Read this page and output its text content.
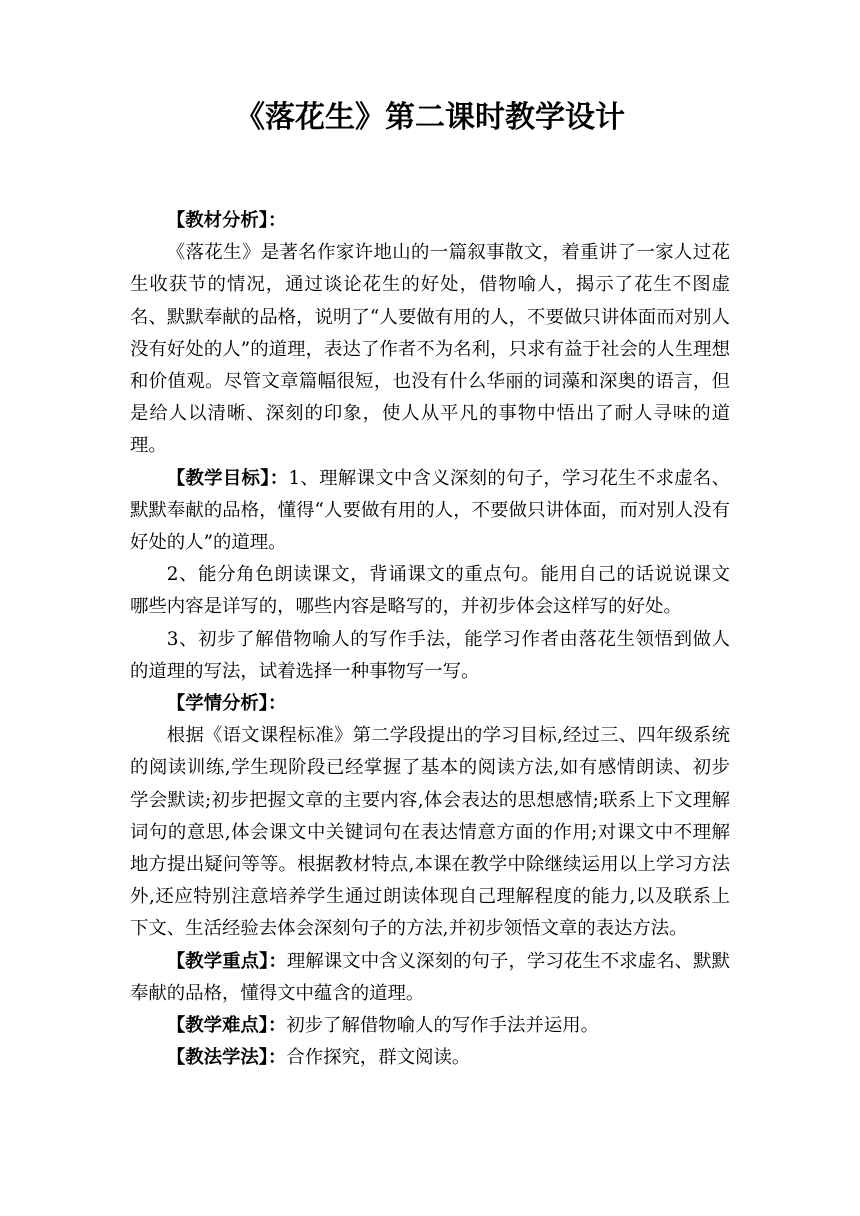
《落花生》第二课时教学设计

【教材分析】：

《落花生》是著名作家许地山的一篇叙事散文，着重讲了一家人过花生收获节的情况，通过谈论花生的好处，借物喻人，揭示了花生不图虚名、默默奉献的品格，说明了“人要做有用的人，不要做只讲体面而对别人没有好处的人”的道理，表达了作者不为名利，只求有益于社会的人生理想和价值观。尽管文章篇幅很短，也没有什么华丽的词藻和深奥的语言，但是给人以清晰、深刻的印象，使人从平凡的事物中悟出了耐人寻味的道理。

【教学目标】：1、理解课文中含义深刻的句子，学习花生不求虚名、默默奉献的品格，懂得“人要做有用的人，不要做只讲体面，而对别人没有好处的人”的道理。

2、能分角色朗读课文，背诵课文的重点句。能用自己的话说说课文哪些内容是详写的，哪些内容是略写的，并初步体会这样写的好处。

3、初步了解借物喻人的写作手法，能学习作者由落花生领悟到做人的道理的写法，试着选择一种事物写一写。

【学情分析】：

根据《语文课程标准》第二学段提出的学习目标,经过三、四年级系统的阅读训练,学生现阶段已经掌握了基本的阅读方法,如有感情朗读、初步学会默读;初步把握文章的主要内容,体会表达的思想感情;联系上下文理解词句的意思,体会课文中关键词句在表达情意方面的作用;对课文中不理解地方提出疑问等等。根据教材特点,本课在教学中除继续运用以上学习方法外,还应特别注意培养学生通过朗读体现自己理解程度的能力,以及联系上下文、生活经验去体会深刻句子的方法,并初步领悟文章的表达方法。

【教学重点】：理解课文中含义深刻的句子，学习花生不求虚名、默默奉献的品格，懂得文中蕴含的道理。

【教学难点】：初步了解借物喻人的写作手法并运用。

【教法学法】：合作探究，群文阅读。
